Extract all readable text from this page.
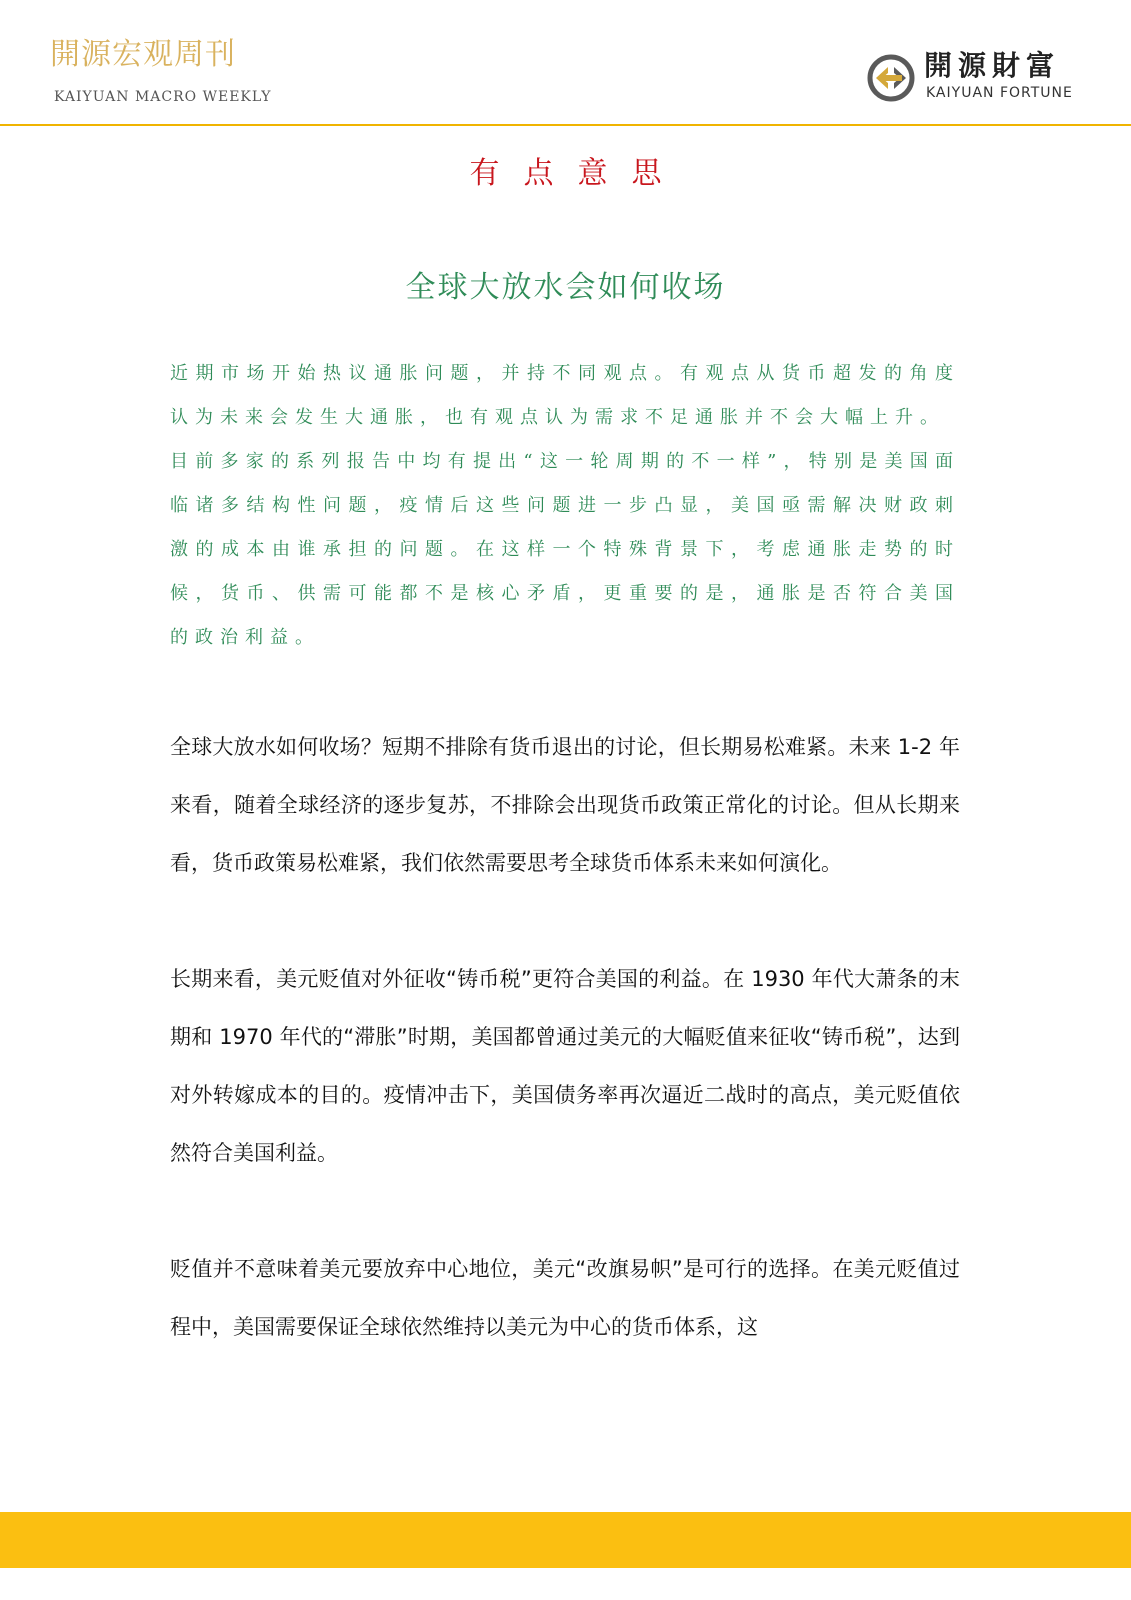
開源宏观周刊
KAIYUAN MACRO WEEKLY
開源財富
KAIYUAN FORTUNE
有点意思
全球大放水会如何收场

近期市场开始热议通胀问题，并持不同观点。有观点从货币超发的角度认为未来会发生大通胀，也有观点认为需求不足通胀并不会大幅上升。

目前多家的系列报告中均有提出“这一轮周期的不一样”，特别是美国面临诸多结构性问题，疫情后这些问题进一步凸显，美国亟需解决财政刺激的成本由谁承担的问题。在这样一个特殊背景下，考虑通胀走势的时候，货币、供需可能都不是核心矛盾，更重要的是，通胀是否符合美国的政治利益。

全球大放水如何收场？短期不排除有货币退出的讨论，但长期易松难紧。未来 1-2 年来看，随着全球经济的逐步复苏，不排除会出现货币政策正常化的讨论。但从长期来看，货币政策易松难紧，我们依然需要思考全球货币体系未来如何演化。

长期来看，美元贬值对外征收“铸币税”更符合美国的利益。在 1930 年代大萧条的末期和 1970 年代的“滞胀”时期，美国都曾通过美元的大幅贬值来征收“铸币税”，达到对外转嫁成本的目的。疫情冲击下，美国债务率再次逼近二战时的高点，美元贬值依然符合美国利益。

贬值并不意味着美元要放弃中心地位，美元“改旗易帜”是可行的选择。在美元贬值过程中，美国需要保证全球依然维持以美元为中心的货币体系，这
